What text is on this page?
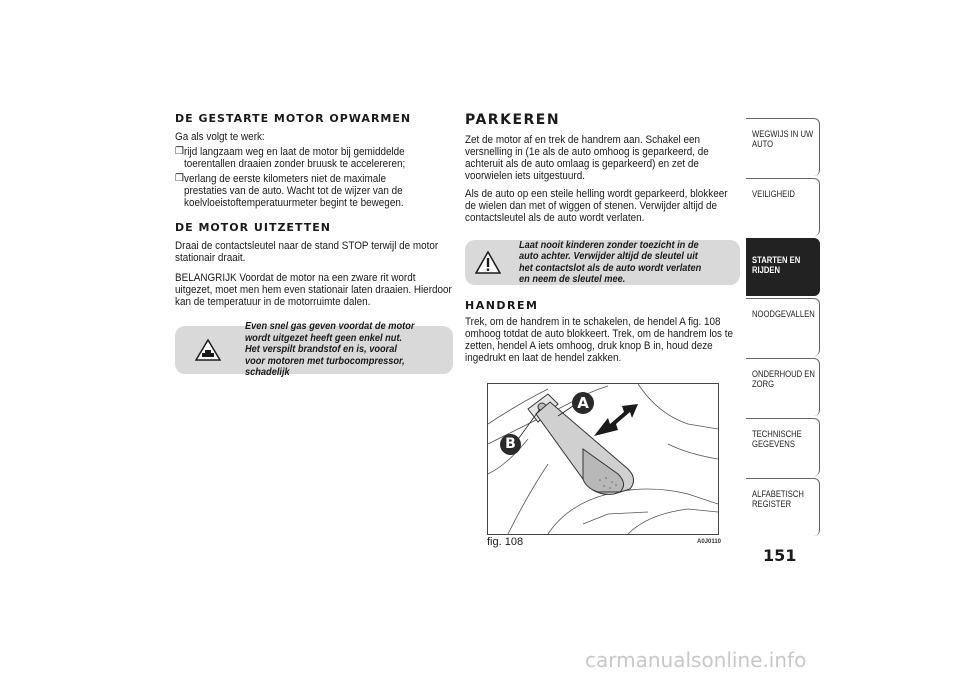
DE GESTARTE MOTOR OPWARMEN

Ga als volgt te werk:

❒ rijd langzaam weg en laat de motor bij gemiddelde toerentallen draaien zonder bruusk te accelereren;

❒ verlang de eerste kilometers niet de maximale prestaties van de auto. Wacht tot de wijzer van de koelvloeistoftemperatuurmeter begint te bewegen.

DE MOTOR UITZETTEN

Draai de contactsleutel naar de stand STOP terwijl de motor stationair draait.

BELANGRIJK Voordat de motor na een zware rit wordt uitgezet, moet men hem even stationair laten draaien. Hierdoor kan de temperatuur in de motorruimte dalen.

Even snel gas geven voordat de motor wordt uitgezet heeft geen enkel nut. Het verspilt brandstof en is, vooral voor motoren met turbocompressor, schadelijk

PARKEREN

Zet de motor af en trek de handrem aan. Schakel een versnelling in (1e als de auto omhoog is geparkeerd, de achteruit als de auto omlaag is geparkeerd) en zet de voorwielen iets uitgestuurd.

Als de auto op een steile helling wordt geparkeerd, blokkeer de wielen dan met of wiggen of stenen. Verwijder altijd de contactsleutel als de auto wordt verlaten.

Laat nooit kinderen zonder toezicht in de auto achter. Verwijder altijd de sleutel uit het contactslot als de auto wordt verlaten en neem de sleutel mee.

HANDREM

Trek, om de handrem in te schakelen, de hendel A fig. 108 omhoog totdat de auto blokkeert. Trek, om de handrem los te zetten, hendel A iets omhoog, druk knop B in, houd deze ingedrukt en laat de hendel zakken.

A
B
fig. 108	A0J0110
WEGWIJS IN UW AUTO
VEILIGHEID
STARTEN EN RIJDEN
NOODGEVALLEN
ONDERHOUD EN ZORG
TECHNISCHE GEGEVENS
ALFABETISCH REGISTER
151
carmanualsonline.info
